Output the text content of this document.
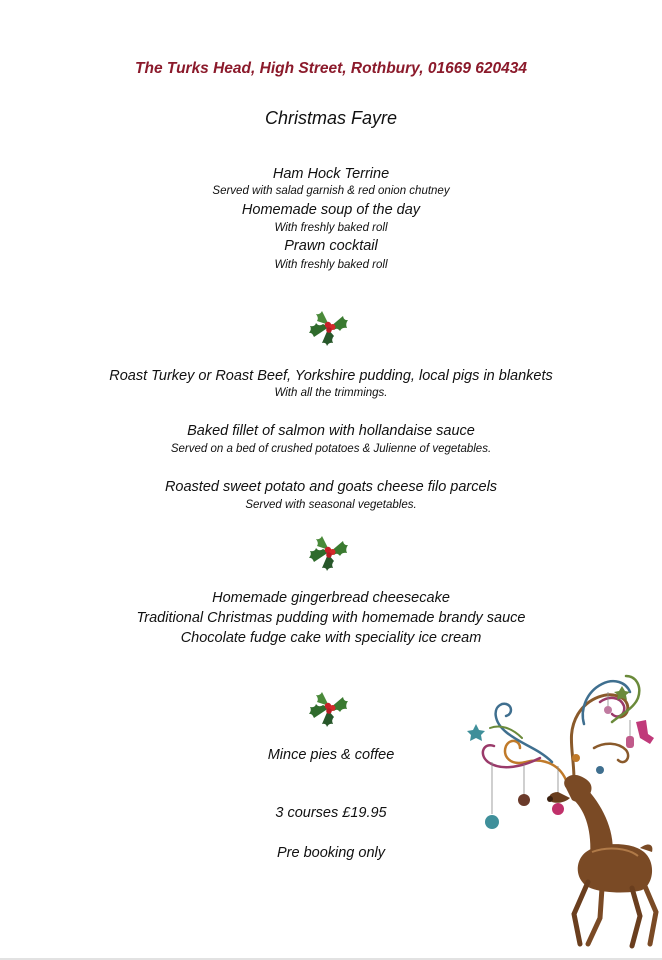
The Turks Head, High Street, Rothbury, 01669 620434
Christmas Fayre
Ham Hock Terrine
Served with salad garnish & red onion chutney
Homemade soup of the day
With freshly baked roll
Prawn cocktail
With freshly baked roll
Roast Turkey or Roast Beef, Yorkshire pudding, local pigs in blankets
With all the trimmings.
Baked fillet of salmon with hollandaise sauce
Served on a bed of crushed potatoes & Julienne of vegetables.
Roasted sweet potato and goats cheese filo parcels
Served with seasonal vegetables.
Homemade gingerbread cheesecake
Traditional Christmas pudding with homemade brandy sauce
Chocolate fudge cake with speciality ice cream
Mince pies & coffee
3 courses £19.95
Pre booking only
